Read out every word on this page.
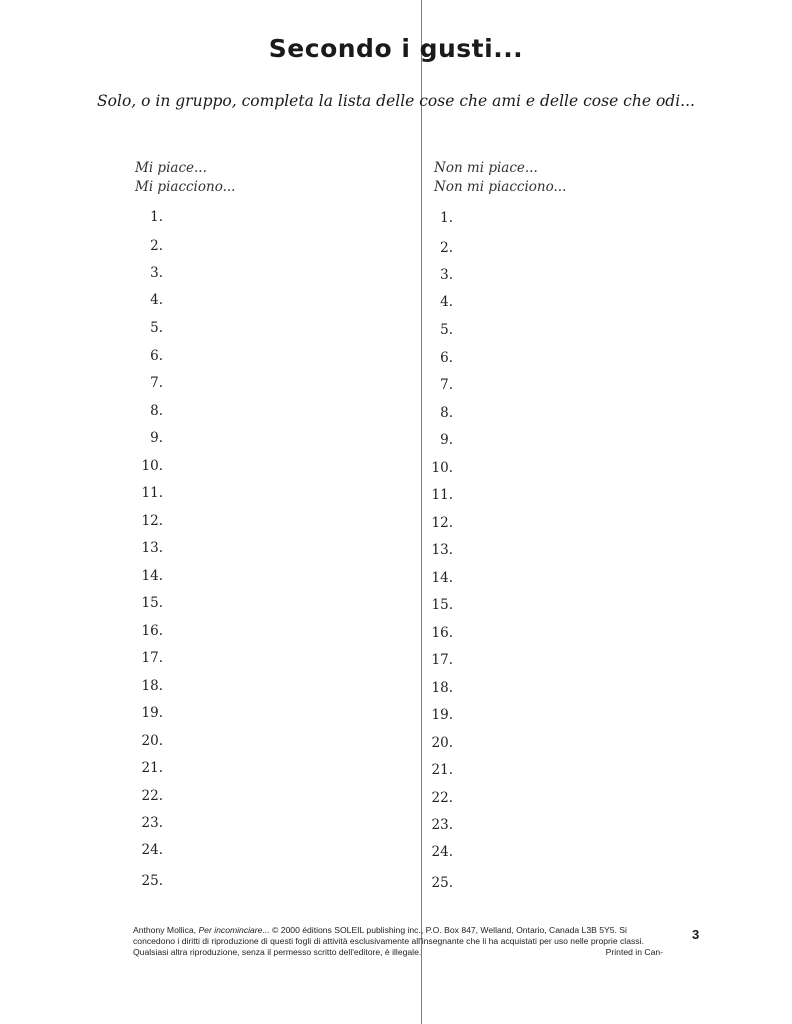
Secondo i gusti...
Solo, o in gruppo, completa la lista delle cose che ami e delle cose che odi...
Mi piace...
Mi piacciono...
Non mi piace...
Non mi piacciono...
1.
2.
3.
4.
5.
6.
7.
8.
9.
10.
11.
12.
13.
14.
15.
16.
17.
18.
19.
20.
21.
22.
23.
24.
25.
1.
2.
3.
4.
5.
6.
7.
8.
9.
10.
11.
12.
13.
14.
15.
16.
17.
18.
19.
20.
21.
22.
23.
24.
25.
Anthony Mollica, Per incominciare... © 2000 éditions SOLEIL publishing inc., P.O. Box 847, Welland, Ontario, Canada L3B 5Y5. Si
concedono i diritti di riproduzione di questi fogli di attività esclusivamente all'insegnante che li ha acquistati per uso nelle proprie classi.
Qualsiasi altra riproduzione, senza il permesso scritto dell'editore, è illegale.	Printed in Can-
3
